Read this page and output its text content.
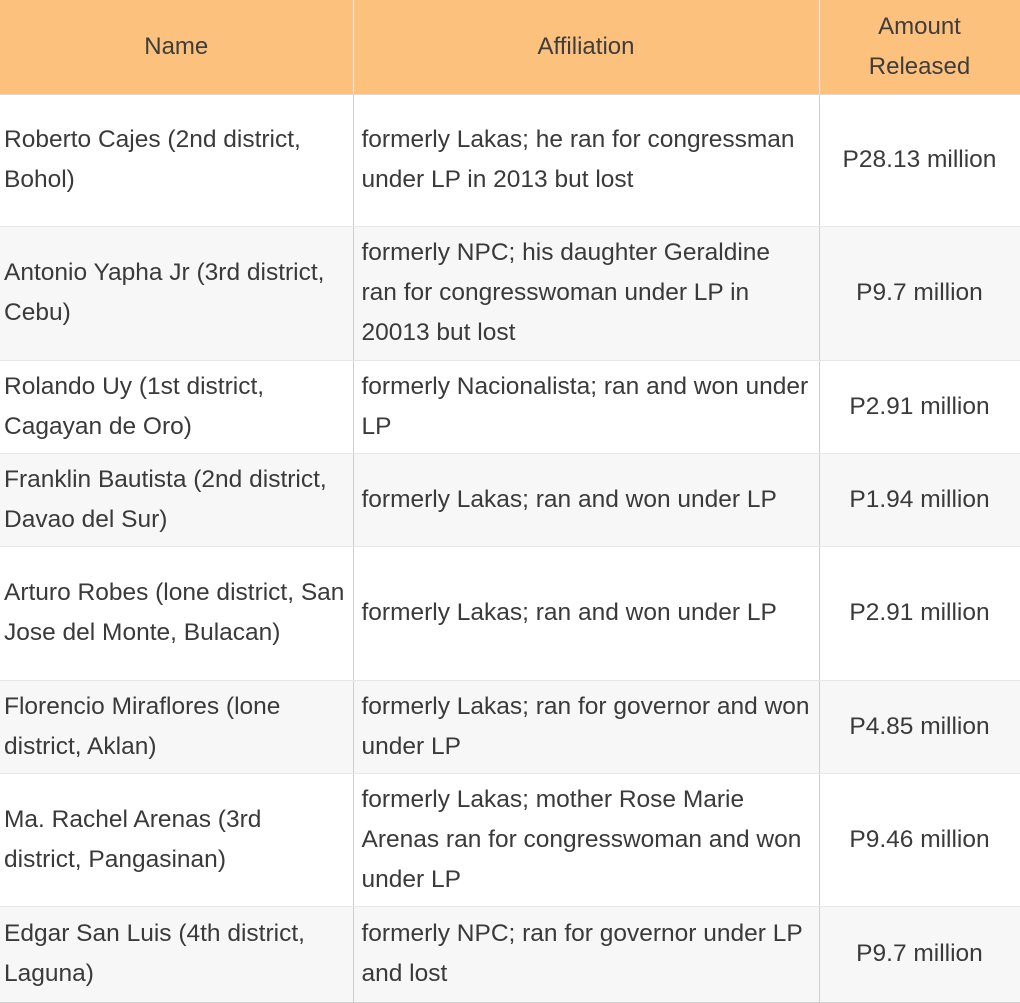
Name	Affiliation	Amount Released
Roberto Cajes (2nd district, Bohol)	formerly Lakas; he ran for congressman under LP in 2013 but lost	P28.13 million
Antonio Yapha Jr (3rd district, Cebu)	formerly NPC; his daughter Geraldine ran for congresswoman under LP in 20013 but lost	P9.7 million
Rolando Uy (1st district, Cagayan de Oro)	formerly Nacionalista; ran and won under LP	P2.91 million
Franklin Bautista (2nd district, Davao del Sur)	formerly Lakas; ran and won under LP	P1.94 million
Arturo Robes (lone district, San Jose del Monte, Bulacan)	formerly Lakas; ran and won under LP	P2.91 million
Florencio Miraflores (lone district, Aklan)	formerly Lakas; ran for governor and won under LP	P4.85 million
Ma. Rachel Arenas (3rd district, Pangasinan)	formerly Lakas; mother Rose Marie Arenas ran for congresswoman and won under LP	P9.46 million
Edgar San Luis (4th district, Laguna)	formerly NPC; ran for governor under LP and lost	P9.7 million
